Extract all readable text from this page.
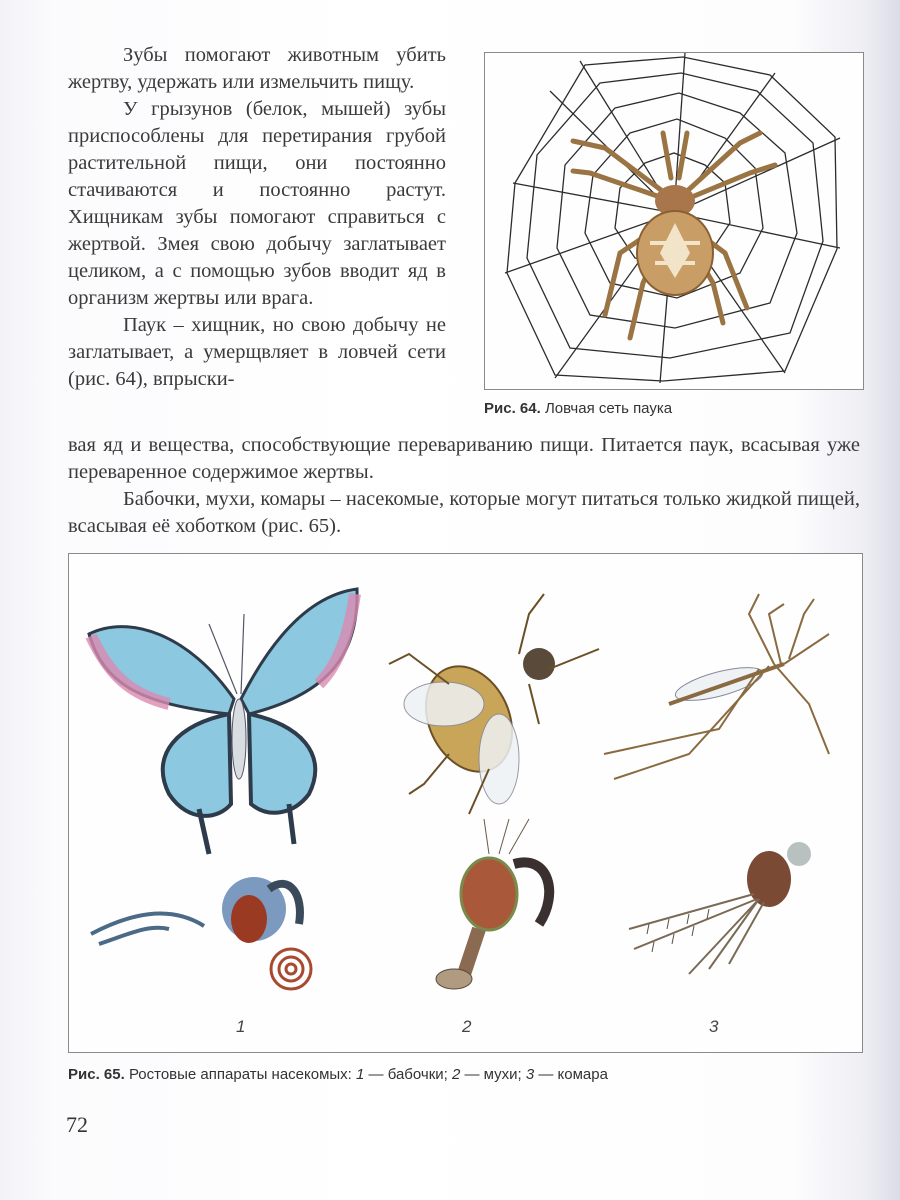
Зубы помогают животным убить жертву, удержать или измельчить пищу.

У грызунов (белок, мышей) зубы приспособлены для перетирания грубой растительной пищи, они постоянно стачиваются и постоянно растут. Хищникам зубы помогают справиться с жертвой. Змея свою добычу заглатывает целиком, а с помощью зубов вводит яд в организм жертвы или врага.

Паук – хищник, но свою добычу не заглатывает, а умерщвляет в ловчей сети (рис. 64), впрыски-

Рис. 64. Ловчая сеть паука

вая яд и вещества, способствующие перевариванию пищи. Питается паук, всасывая уже переваренное содержимое жертвы.

Бабочки, мухи, комары – насекомые, которые могут питаться только жидкой пищей, всасывая её хоботком (рис. 65).

1	2	3
Рис. 65. Ростовые аппараты насекомых: 1 — бабочки; 2 — мухи; 3 — комара
72
